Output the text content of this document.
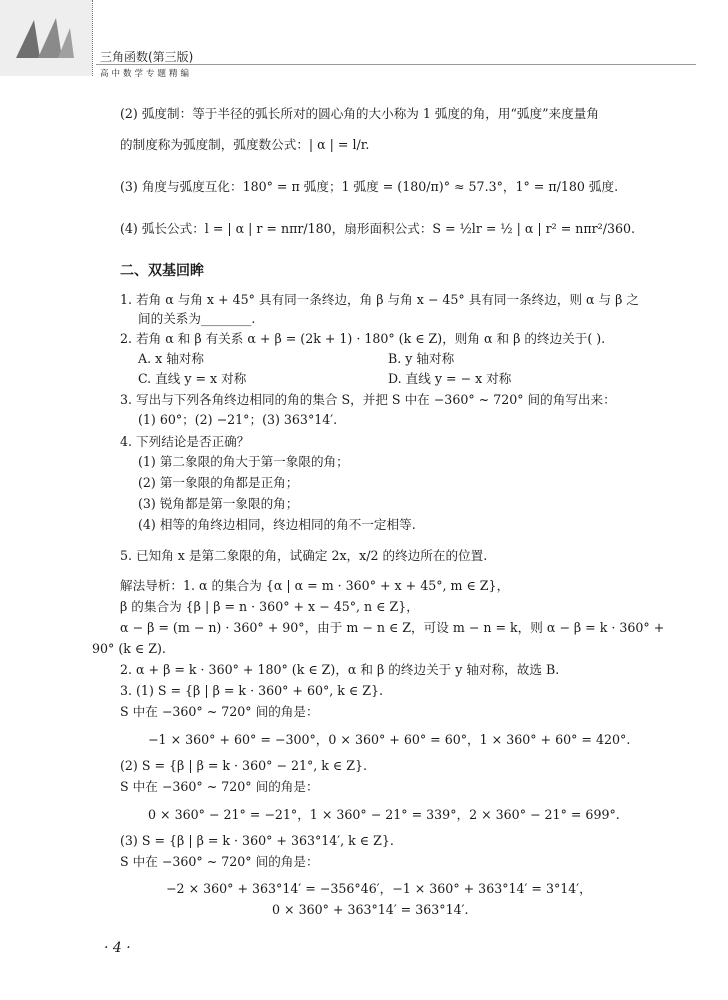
三角函数(第三版)
高中数学专题精编
(2) 弧度制：等于半径的弧长所对的圆心角的大小称为 1 弧度的角，用“弧度”来度量角
的制度称为弧度制，弧度数公式：| α | = l/r.
(3) 角度与弧度互化：180° = π 弧度；1 弧度 = (180/π)° ≈ 57.3°，1° = π/180 弧度.
(4) 弧长公式：l = | α | r = nπr/180，扇形面积公式：S = ½lr = ½ | α | r² = nπr²/360.
二、双基回眸
1. 若角 α 与角 x + 45° 具有同一条终边，角 β 与角 x − 45° 具有同一条终边，则 α 与 β 之
间的关系为________.
2. 若角 α 和 β 有关系 α + β = (2k + 1) · 180° (k ∈ Z)，则角 α 和 β 的终边关于( ).
A. x 轴对称	B. y 轴对称
C. 直线 y = x 对称	D. 直线 y = − x 对称
3. 写出与下列各角终边相同的角的集合 S，并把 S 中在 −360° ~ 720° 间的角写出来：
(1) 60°；(2) −21°；(3) 363°14′.
4. 下列结论是否正确？
(1) 第二象限的角大于第一象限的角；
(2) 第一象限的角都是正角；
(3) 锐角都是第一象限的角；
(4) 相等的角终边相同，终边相同的角不一定相等.
5. 已知角 x 是第二象限的角，试确定 2x，x/2 的终边所在的位置.
解法导析：1. α 的集合为 {α | α = m · 360° + x + 45°, m ∈ Z}，
β 的集合为 {β | β = n · 360° + x − 45°, n ∈ Z}，
α − β = (m − n) · 360° + 90°，由于 m − n ∈ Z，可设 m − n = k，则 α − β = k · 360° +
90° (k ∈ Z).
2. α + β = k · 360° + 180° (k ∈ Z)，α 和 β 的终边关于 y 轴对称，故选 B.
3. (1) S = {β | β = k · 360° + 60°, k ∈ Z}.
S 中在 −360° ~ 720° 间的角是：
−1 × 360° + 60° = −300°，0 × 360° + 60° = 60°，1 × 360° + 60° = 420°.
(2) S = {β | β = k · 360° − 21°, k ∈ Z}.
S 中在 −360° ~ 720° 间的角是：
0 × 360° − 21° = −21°，1 × 360° − 21° = 339°，2 × 360° − 21° = 699°.
(3) S = {β | β = k · 360° + 363°14′, k ∈ Z}.
S 中在 −360° ~ 720° 间的角是：
−2 × 360° + 363°14′ = −356°46′，−1 × 360° + 363°14′ = 3°14′，
0 × 360° + 363°14′ = 363°14′.
· 4 ·
